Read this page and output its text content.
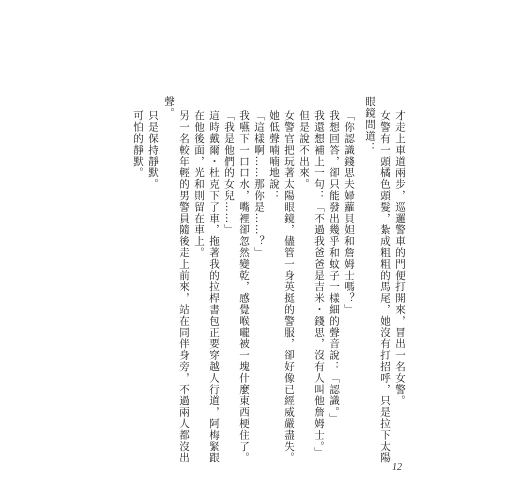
才走上車道兩步，巡邏警車的門便打開來，冒出一名女警。
女警有一頭橘色頭髮，紮成粗粗的馬尾，她沒有打招呼，只是拉下太陽
眼鏡問道：
「你認識錢思夫婦蘿貝妲和詹姆士嗎？」
我想回答，卻只能發出幾乎和蚊子一樣細的聲音說：「認識。」
我還想補上一句：「不過我爸爸是吉米・錢思，沒有人叫他詹姆士。」
但是說不出來。
女警官把玩著太陽眼鏡，儘管一身英挺的警服，卻好像已經威嚴盡失。
她低聲喃喃地說：
「這樣啊……那你是……？」
我嚥下一口口水，嘴裡卻忽然變乾，感覺喉嚨被一塊什麼東西梗住了。
「我是他們的女兒……」
這時戴爾・杜克下了車，拖著我的拉桿書包正要穿越人行道，阿梅緊跟
在他後面，光和則留在車上。
另一名較年輕的男警員隨後走上前來，站在同伴身旁，不過兩人都沒出
聲。
只是保持靜默。
可怕的靜默。
12
